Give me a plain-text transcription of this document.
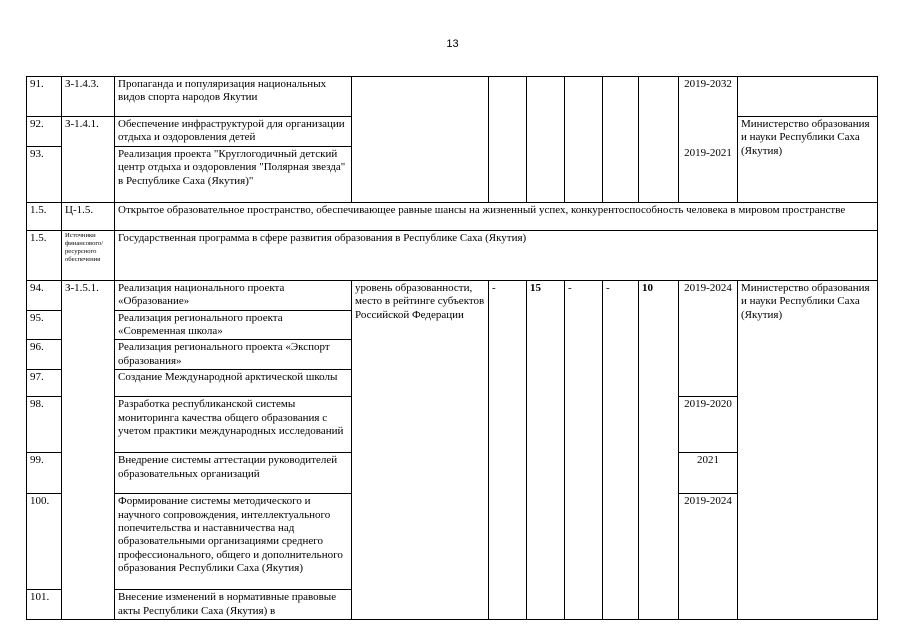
13
91.	З-1.4.3.	Пропаганда и популяризация национальных видов спорта народов Якутии							2019-2032	
92.	З-1.4.1.	Обеспечение инфраструктурой для организации отдыха и оздоровления детей								Министерство образования и науки Республики Саха (Якутия)
93.		Реализация проекта "Круглогодичный детский центр отдыха и оздоровления "Полярная звезда" в Республике Саха (Якутия)"							2019-2021	
1.5.	Ц-1.5.	Открытое образовательное пространство, обеспечивающее равные шансы на жизненный успех, конкурентоспособность человека в мировом пространстве								
1.5.	Источники финансового/ресурсного обеспечения	Государственная программа в сфере развития образования в Республике Саха (Якутия)								
94.	З-1.5.1.	Реализация национального проекта «Образование»	уровень образованности, место в рейтинге субъектов Российской Федерации	-	15	-	-	10	2019-2024	Министерство образования и науки Республики Саха (Якутия)
95.		Реализация регионального проекта «Современная школа»								
96.		Реализация регионального проекта «Экспорт образования»								
97.		Создание Международной арктической школы								
98.		Разработка республиканской системы мониторинга качества общего образования с учетом практики международных исследований							2019-2020	
99.		Внедрение системы аттестации руководителей образовательных организаций							2021	
100.		Формирование системы методического и научного сопровождения, интеллектуального попечительства и наставничества над образовательными организациями среднего профессионального, общего и дополнительного образования Республики Саха (Якутия)							2019-2024	
101.		Внесение изменений в нормативные правовые акты Республики Саха (Якутия) в								
